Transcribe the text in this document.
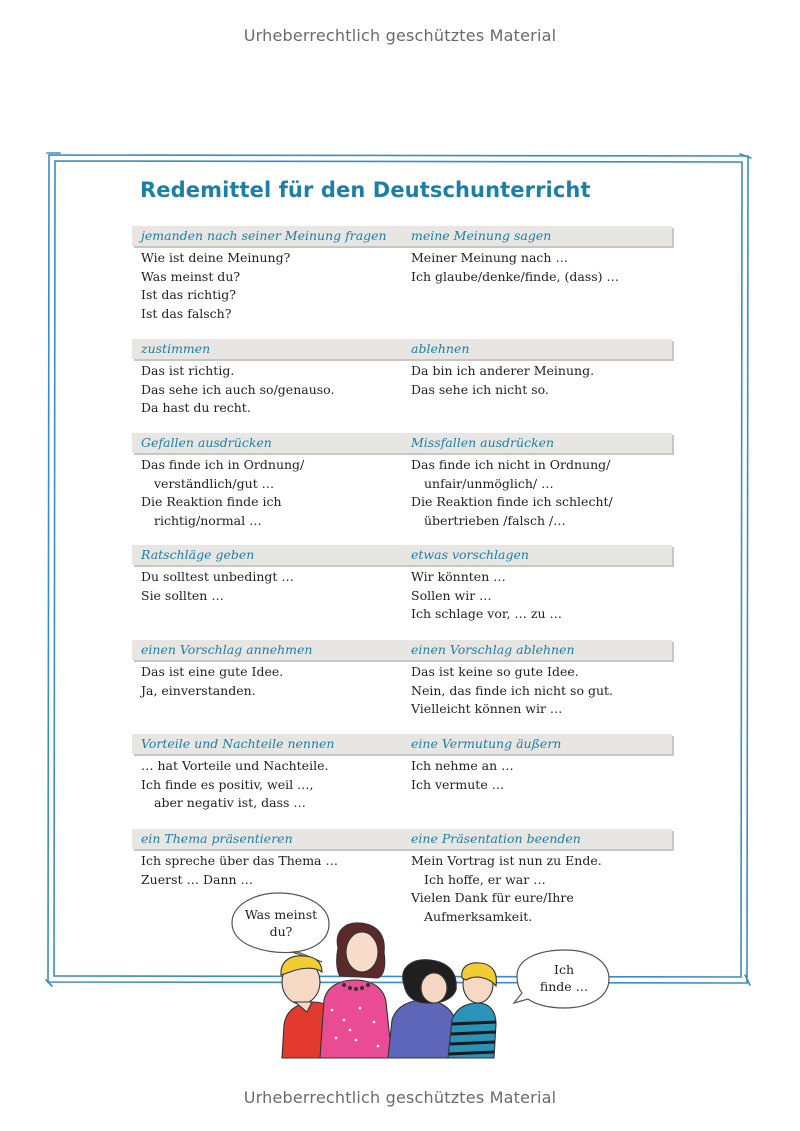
Urheberrechtlich geschütztes Material
Redemittel für den Deutschunterricht
jemanden nach seiner Meinung fragen
Wie ist deine Meinung?
Was meinst du?
Ist das richtig?
Ist das falsch?
meine Meinung sagen
Meiner Meinung nach …
Ich glaube/denke/finde, (dass) …
zustimmen
Das ist richtig.
Das sehe ich auch so/genauso.
Da hast du recht.
ablehnen
Da bin ich anderer Meinung.
Das sehe ich nicht so.
Gefallen ausdrücken
Das finde ich in Ordnung/
verständlich/gut …
Die Reaktion finde ich
richtig/normal …
Missfallen ausdrücken
Das finde ich nicht in Ordnung/
unfair/unmöglich/ …
Die Reaktion finde ich schlecht/
übertrieben /falsch /…
Ratschläge geben
Du solltest unbedingt …
Sie sollten …
etwas vorschlagen
Wir könnten …
Sollen wir …
Ich schlage vor, … zu …
einen Vorschlag annehmen
Das ist eine gute Idee.
Ja, einverstanden.
einen Vorschlag ablehnen
Das ist keine so gute Idee.
Nein, das finde ich nicht so gut.
Vielleicht können wir …
Vorteile und Nachteile nennen
… hat Vorteile und Nachteile.
Ich finde es positiv, weil …,
aber negativ ist, dass …
eine Vermutung äußern
Ich nehme an …
Ich vermute …
ein Thema präsentieren
Ich spreche über das Thema …
Zuerst … Dann …
eine Präsentation beenden
Mein Vortrag ist nun zu Ende.
Ich hoffe, er war …
Vielen Dank für eure/Ihre
Aufmerksamkeit.
Was meinst
du?
Ich
finde …
Urheberrechtlich geschütztes Material
